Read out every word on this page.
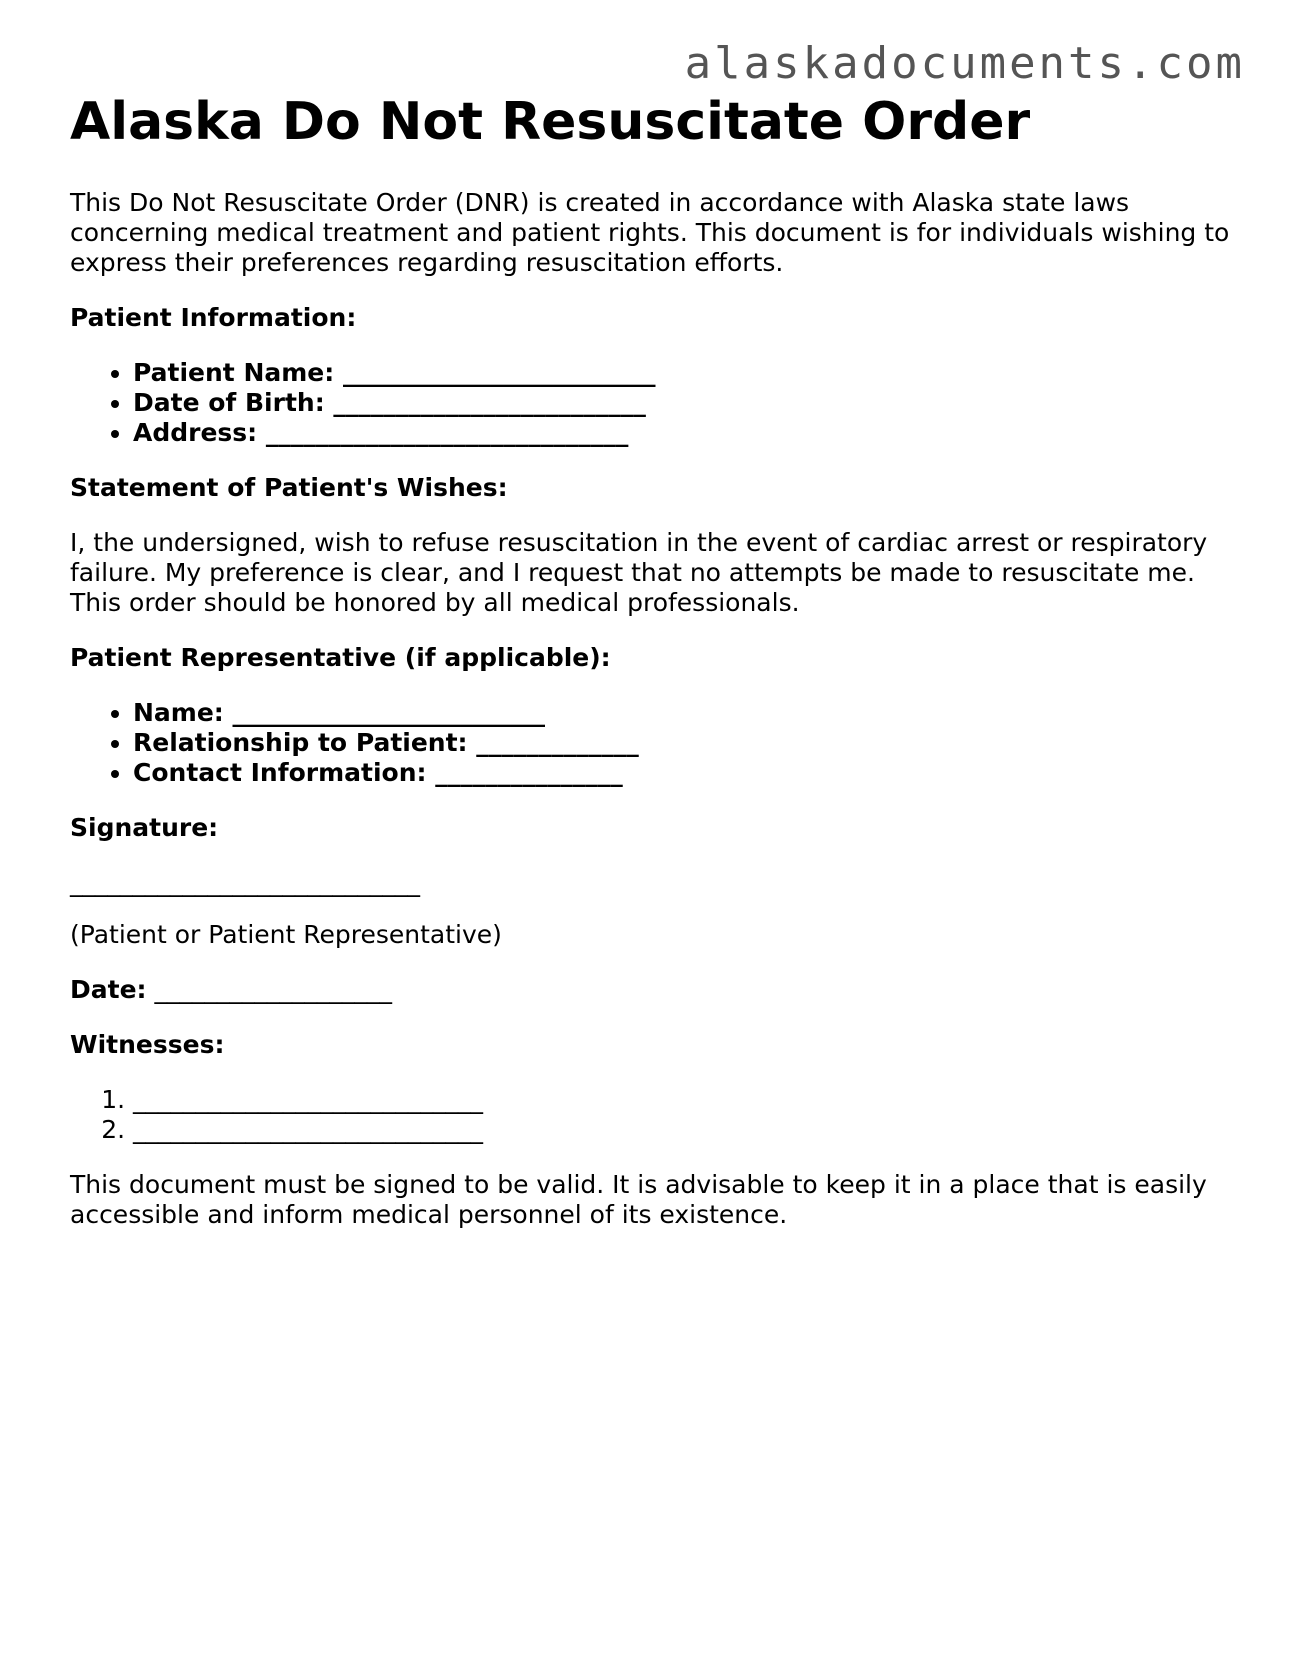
alaskadocuments.com
Alaska Do Not Resuscitate Order

This Do Not Resuscitate Order (DNR) is created in accordance with Alaska state laws concerning medical treatment and patient rights. This document is for individuals wishing to express their preferences regarding resuscitation efforts.

Patient Information:

• Patient Name: _________________________
• Date of Birth: _________________________
• Address: _____________________________

Statement of Patient's Wishes:

I, the undersigned, wish to refuse resuscitation in the event of cardiac arrest or respiratory failure. My preference is clear, and I request that no attempts be made to resuscitate me. This order should be honored by all medical professionals.

Patient Representative (if applicable):

• Name: _________________________
• Relationship to Patient: _____________
• Contact Information: _______________

Signature:

____________________________

(Patient or Patient Representative)

Date: ___________________

Witnesses:

1. ____________________________
2. ____________________________

This document must be signed to be valid. It is advisable to keep it in a place that is easily accessible and inform medical personnel of its existence.
